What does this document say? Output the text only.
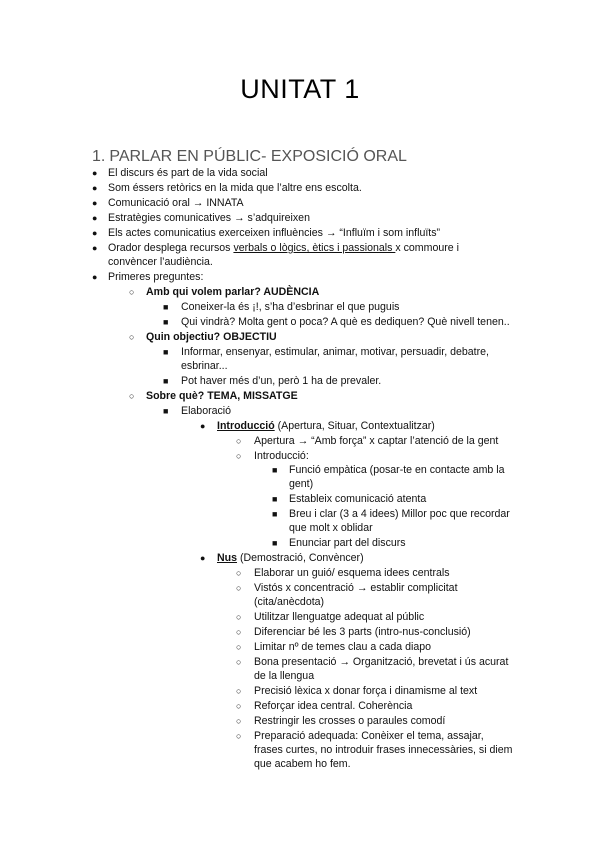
UNITAT 1
1. PARLAR EN PÚBLIC- EXPOSICIÓ ORAL
● El discurs és part de la vida social
● Som éssers retòrics en la mida que l’altre ens escolta.
● Comunicació oral → INNATA
● Estratègies comunicatives → s’adquireixen
● Els actes comunicatius exerceixen influències → “Influïm i som influïts”
● Orador desplega recursos verbals o lògics, ètics i passionals x commoure i
convèncer l’audiència.
● Primeres preguntes:
○ Amb qui volem parlar? AUDÈNCIA
■ Coneixer-la és ¡!, s’ha d’esbrinar el que puguis
■ Qui vindrà? Molta gent o poca? A què es dediquen? Què nivell tenen..
○ Quin objectiu? OBJECTIU
■ Informar, ensenyar, estimular, animar, motivar, persuadir, debatre,
esbrinar...
■ Pot haver més d’un, però 1 ha de prevaler.
○ Sobre què? TEMA, MISSATGE
■ Elaboració
● Introducció (Apertura, Situar, Contextualitzar)
○ Apertura → “Amb força” x captar l’atenció de la gent
○ Introducció:
■ Funció empàtica (posar-te en contacte amb la
gent)
■ Estableix comunicació atenta
■ Breu i clar (3 a 4 idees) Millor poc que recordar
que molt x oblidar
■ Enunciar part del discurs
● Nus (Demostració, Convèncer)
○ Elaborar un guió/ esquema idees centrals
○ Vistós x concentració → establir complicitat
(cita/anècdota)
○ Utilitzar llenguatge adequat al públic
○ Diferenciar bé les 3 parts (intro-nus-conclusió)
○ Limitar nº de temes clau a cada diapo
○ Bona presentació → Organització, brevetat i ús acurat
de la llengua
○ Precisió lèxica x donar força i dinamisme al text
○ Reforçar idea central. Coherència
○ Restringir les crosses o paraules comodí
○ Preparació adequada: Conèixer el tema, assajar,
frases curtes, no introduir frases innecessàries, si diem
que acabem ho fem.
